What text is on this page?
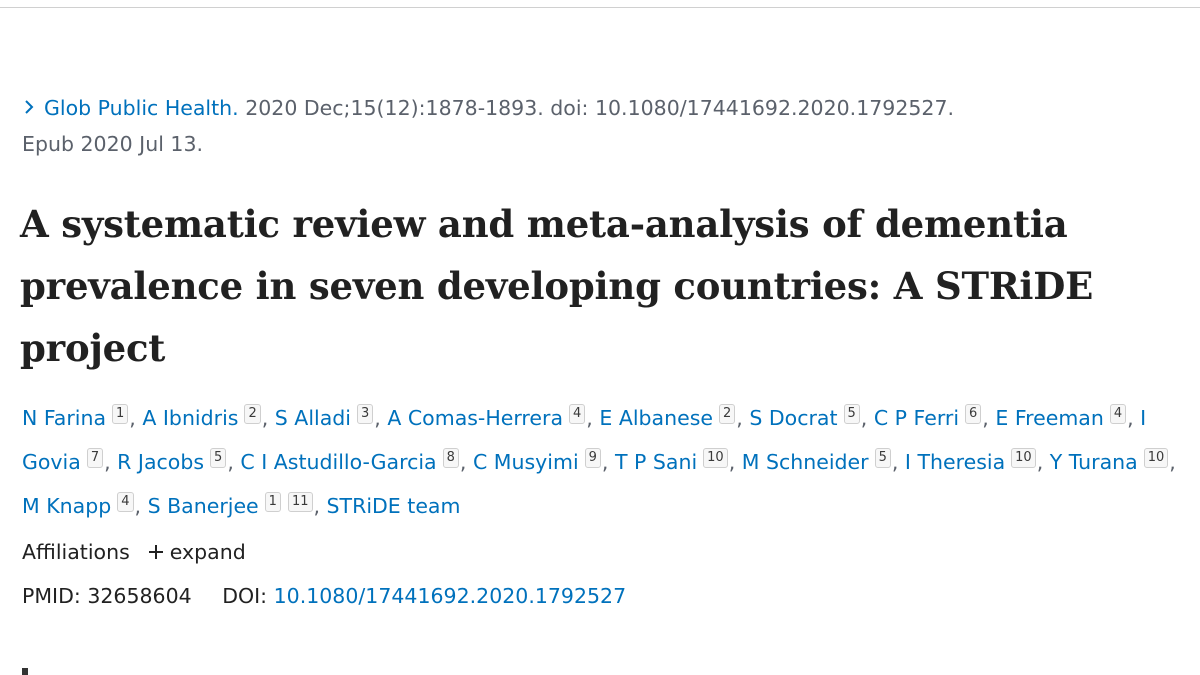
Glob Public Health. 2020 Dec;15(12):1878-1893. doi: 10.1080/17441692.2020.1792527.
Epub 2020 Jul 13.
A systematic review and meta-analysis of dementia
prevalence in seven developing countries: A STRiDE
project
N Farina $^1$ , A Ibnidris $^2$ , S Alladi $^3$ , A Comas-Herrera $^4$ , E Albanese $^2$ , S Docrat $^5$ , C P Ferri $^6$ , E Freeman $^4$ , I Govia $^7$ , R Jacobs $^5$ , C I Astudillo-Garcia $^8$ , C Musyimi $^9$ , T P Sani $^{10}$ , M Schneider $^5$ , I Theresia $^{10}$ , Y Turana $^{10}$ , M Knapp $^4$ , S Banerjee $^1$ $^{11}$ , STRiDE team
Affiliations expand
PMID: 32658604 DOI: 10.1080/17441692.2020.1792527
